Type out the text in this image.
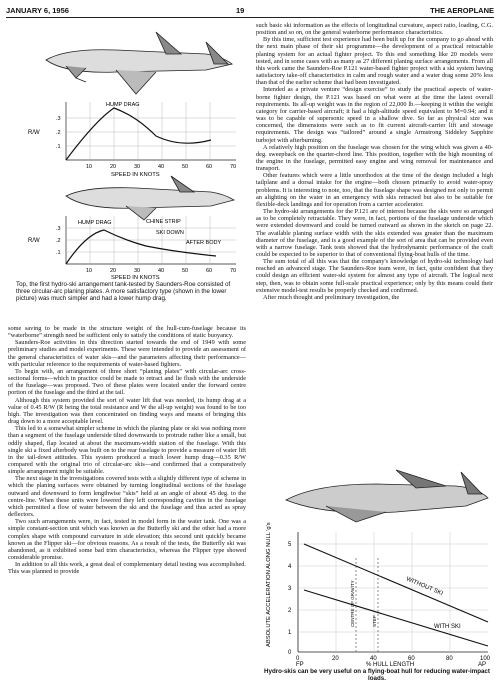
JANUARY 6, 1956	19	THE AEROPLANE
HUMP DRAG
R/W
.3
.2
.1
10	20	30	40	50	60	70
SPEED IN KNOTS
CHINE STRIP
SKI DOWN
AFTER BODY
HUMP DRAG
R/W
.3
.2
.1
10	20	30	40	50	60	70
SPEED IN KNOTS
Top, the first hydro-ski arrangement tank-tested by Saunders-Roe consisted of three circular-arc planing plates. A more satisfactory type (shown in the lower picture) was much simpler and had a lower hump drag.

some saving to be made in the structure weight of the hull-cum-fuselage because its “waterborne” strength need be sufficient only to satisfy the conditions of static buoyancy.

Saunders-Roe activities in this direction started towards the end of 1949 with some preliminary studies and model experiments. These were intended to provide an assessment of the general characteristics of water skis—and the parameters affecting their performance—with particular reference to the requirements of water-based fighters.

To begin with, an arrangement of three short “planing plates” with circular-arc cross-sectional forms—which in practice could be made to retract and lie flush with the underside of the fuselage—was proposed. Two of these plates were located under the forward centre portion of the fuselage and the third at the tail.

Although this system provided the sort of water lift that was needed, its hump drag at a value of 0.45 R/W (R being the total resistance and W the all-up weight) was found to be too high. The investigation was then concentrated on finding ways and means of bringing this drag down to a more acceptable level.

This led to a somewhat simpler scheme in which the planing plate or ski was nothing more than a segment of the fuselage underside tilted downwards to protrude rather like a small, but oddly shaped, flap located at about the maximum-width station of the fuselage. With this single ski a fixed afterbody was built on to the rear fuselage to provide a measure of water lift in the tail-down attitudes. This system produced a much lower hump drag—0.35 R/W compared with the original trio of circular-arc skis—and confirmed that a comparatively simple arrangement might be suitable.

The next stage in the investigations covered tests with a slightly different type of scheme in which the planing surfaces were obtained by turning longitudinal sections of the fuselage outward and downward to form lengthwise “skis” held at an angle of about 45 deg. to the centre-line. When these units were lowered they left corresponding cavities in the fuselage which permitted a flow of water between the ski and the fuselage and thus acted as spray deflectors.

Two such arrangements were, in fact, tested in model form in the water tank. One was a simple constant-section unit which was known as the Butterfly ski and the other had a more complex shape with compound curvature in side elevation; this second unit quickly became known as the Flipper ski—for obvious reasons. As a result of the tests, the Butterfly ski was abandoned, as it exhibited some bad trim characteristics, whereas the Flipper type showed considerable promise.

In addition to all this work, a great deal of complementary detail testing was accomplished. This was planned to provide

such basic ski information as the effects of longitudinal curvature, aspect ratio, loading, C.G. position and so on, on the general waterborne performance characteristics.

By this time, sufficient test experience had been built up for the company to go ahead with the next main phase of their ski programme—the development of a practical retractable planing system for an actual fighter project. To this end something like 20 models were tested, and in some cases with as many as 27 different planing surface arrangements. From all this work came the Saunders-Roe P.121 water-based fighter project with a ski system having satisfactory take-off characteristics in calm and rough water and a water drag some 20% less than that of the earlier scheme that had been investigated.

Intended as a private venture “design exercise” to study the practical aspects of water-borne fighter design, the P.121 was based on what were at the time the latest overall requirements. Its all-up weight was in the region of 22,000 lb.—keeping it within the weight category for carrier-based aircraft; it had a high-altitude speed equivalent to M=0.94; and it was to be capable of supersonic speed in a shallow dive. So far as physical size was concerned, the dimensions were such as to fit current aircraft-carrier lift and stowage requirements. The design was “tailored” around a single Armstrong Siddeley Sapphire turbojet with afterburning.

A relatively high position on the fuselage was chosen for the wing which was given a 40-deg. sweepback on the quarter-chord line. This position, together with the high mounting of the engine in the fuselage, permitted easy engine and wing removal for maintenance and transport.

Other features which were a little unorthodox at the time of the design included a high tailplane and a dorsal intake for the engine—both chosen primarily to avoid water-spray problems. It is interesting to note, too, that the fuselage shape was designed not only to permit an alighting on the water in an emergency with skis retracted but also to be suitable for flexible-deck landings and for operation from a carrier accelerator.

The hydro-ski arrangements for the P.121 are of interest because the skis were so arranged as to be completely retractable. They were, in fact, portions of the fuselage underside which were extended downward and could be turned outward as shown in the sketch on page 22. The available planing surface width with the skis extended was greater than the maximum diameter of the fuselage, and is a good example of the sort of area that can be provided even with a narrow fuselage. Tank tests showed that the hydrodynamic performance of the craft could be expected to be superior to that of conventional flying-boat hulls of the time.

The sum total of all this was that the company's knowledge of hydro-ski technology had reached an advanced stage. The Saunders-Roe team were, in fact, quite confident that they could design an efficient water-ski system for almost any type of aircraft. The logical next step, then, was to obtain some full-scale practical experience; only by this means could their extensive model-test results be properly checked and confirmed.

After much thought and preliminary investigation, the

WITHOUT SKI
WITH SKI
CENTRE OF GRAVITY	STEP
ABSOLUTE ACCELERATION ALONG NULL 'g's	5
4
3
2
1
0
0	20	40	60	80	100
FP	% HULL LENGTH	AP
Hydro-skis can be very useful on a flying-boat hull for reducing water-impact loads.
